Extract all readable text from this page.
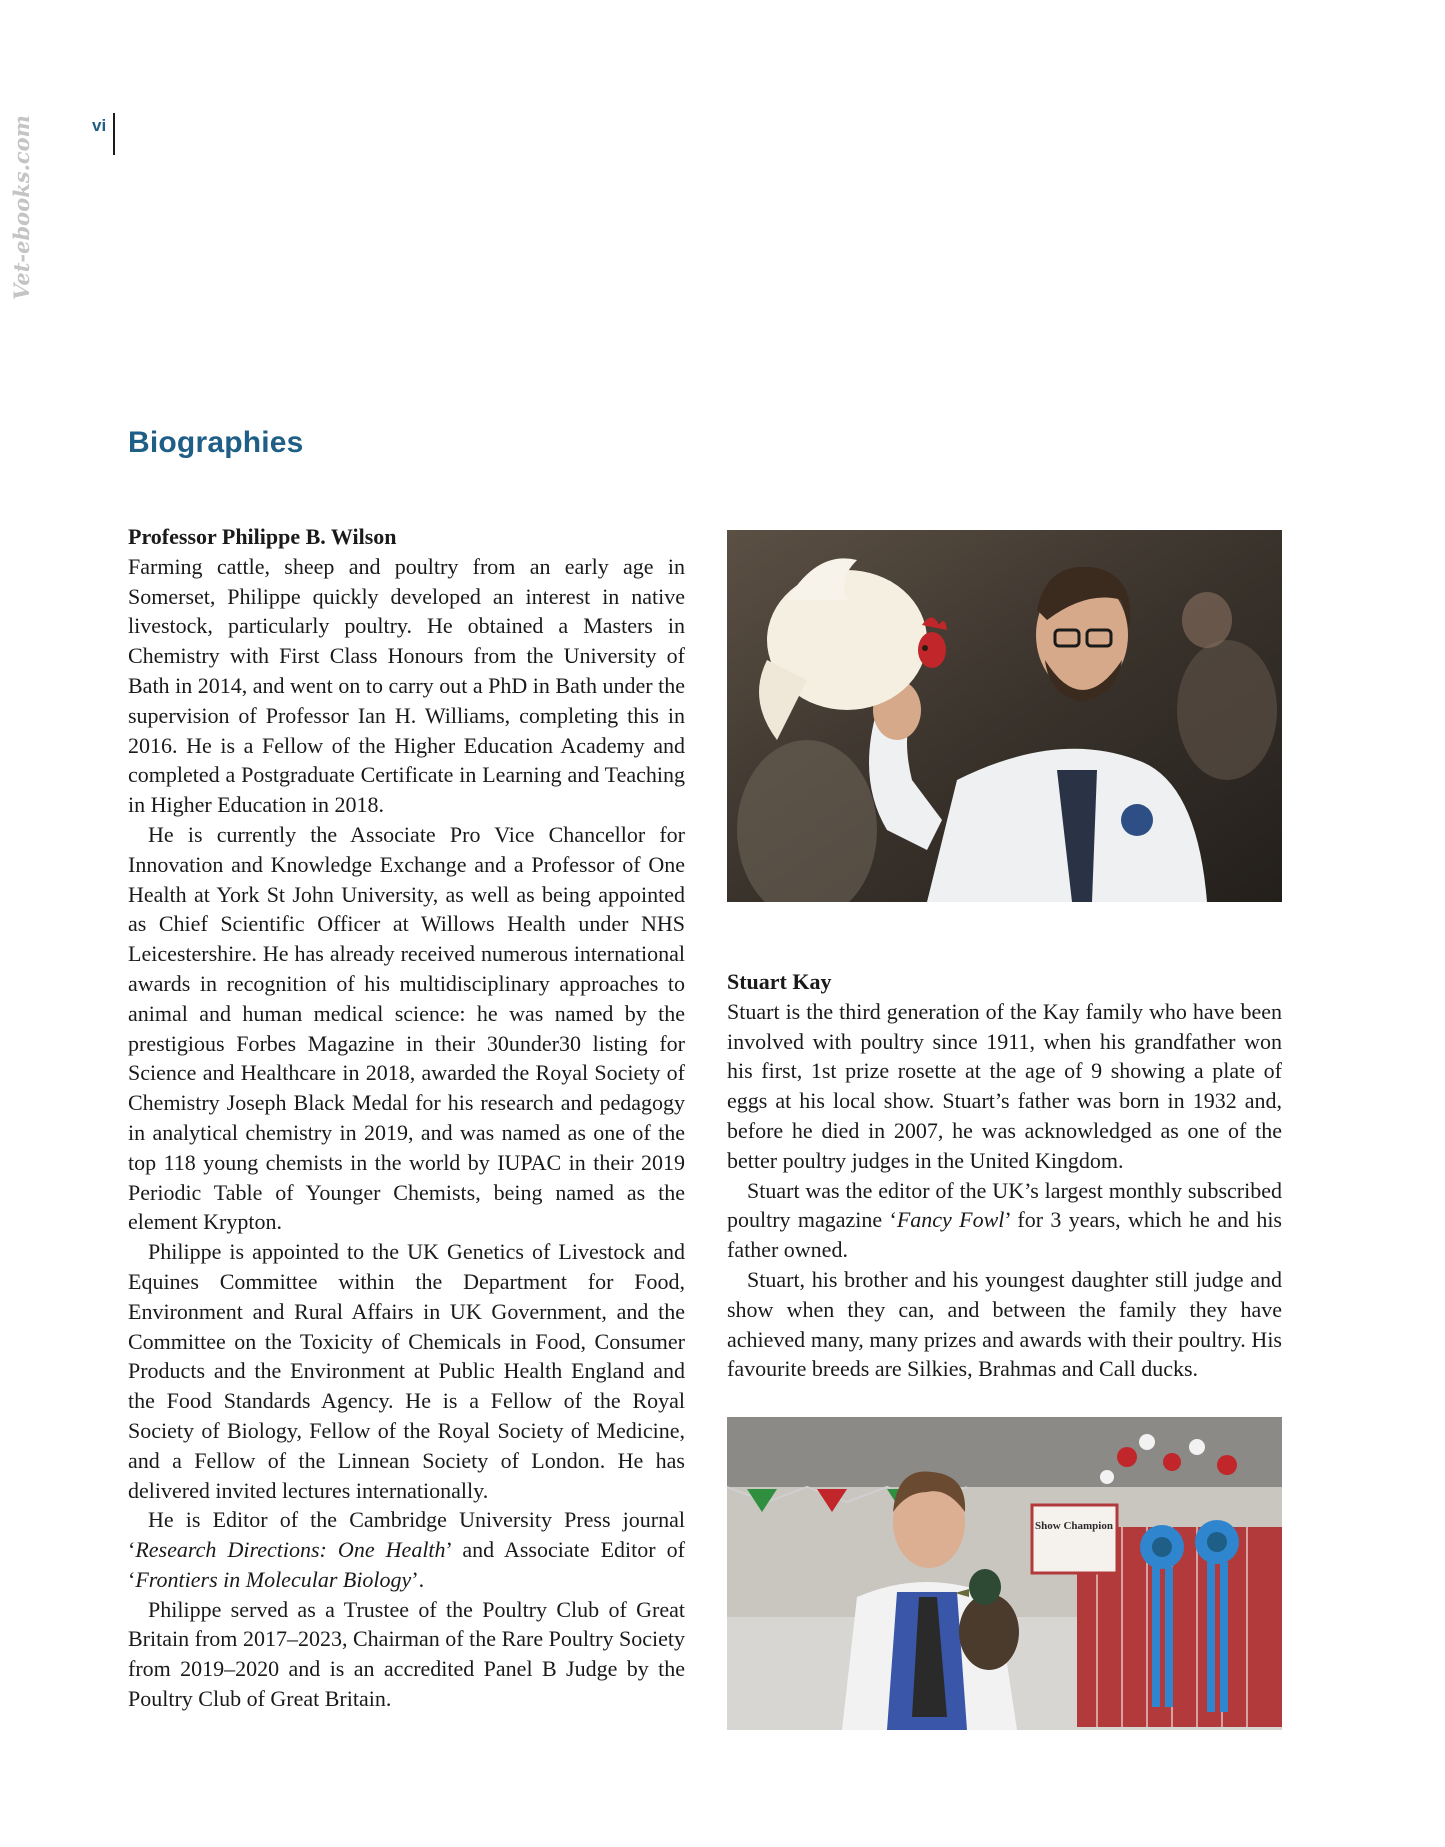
vi
Vet-ebooks.com
Biographies

Professor Philippe B. Wilson

Farming cattle, sheep and poultry from an early age in Somerset, Philippe quickly developed an interest in native livestock, particularly poultry. He obtained a Masters in Chemistry with First Class Honours from the University of Bath in 2014, and went on to carry out a PhD in Bath under the supervision of Professor Ian H. Williams, completing this in 2016. He is a Fellow of the Higher Education Academy and completed a Postgraduate Certificate in Learning and Teaching in Higher Education in 2018.

He is currently the Associate Pro Vice Chancellor for Innovation and Knowledge Exchange and a Professor of One Health at York St John University, as well as being appointed as Chief Scientific Officer at Willows Health under NHS Leicestershire. He has already received numerous international awards in recognition of his multidisciplinary approaches to animal and human medical science: he was named by the prestigious Forbes Magazine in their 30under30 listing for Science and Healthcare in 2018, awarded the Royal Society of Chemistry Joseph Black Medal for his research and pedagogy in analytical chemistry in 2019, and was named as one of the top 118 young chemists in the world by IUPAC in their 2019 Periodic Table of Younger Chemists, being named as the element Krypton.

Philippe is appointed to the UK Genetics of Livestock and Equines Committee within the Department for Food, Environment and Rural Affairs in UK Government, and the Committee on the Toxicity of Chemicals in Food, Consumer Products and the Environment at Public Health England and the Food Standards Agency. He is a Fellow of the Royal Society of Biology, Fellow of the Royal Society of Medicine, and a Fellow of the Linnean Society of London. He has delivered invited lectures internationally.

He is Editor of the Cambridge University Press journal ‘Research Directions: One Health’ and Associate Editor of ‘Frontiers in Molecular Biology’.

Philippe served as a Trustee of the Poultry Club of Great Britain from 2017–2023, Chairman of the Rare Poultry Society from 2019–2020 and is an accredited Panel B Judge by the Poultry Club of Great Britain.

Stuart Kay

Stuart is the third generation of the Kay family who have been involved with poultry since 1911, when his grandfather won his first, 1st prize rosette at the age of 9 showing a plate of eggs at his local show. Stuart’s father was born in 1932 and, before he died in 2007, he was acknowledged as one of the better poultry judges in the United Kingdom.

Stuart was the editor of the UK’s largest monthly subscribed poultry magazine ‘Fancy Fowl’ for 3 years, which he and his father owned.

Stuart, his brother and his youngest daughter still judge and show when they can, and between the family they have achieved many, many prizes and awards with their poultry. His favourite breeds are Silkies, Brahmas and Call ducks.

Show Champion
